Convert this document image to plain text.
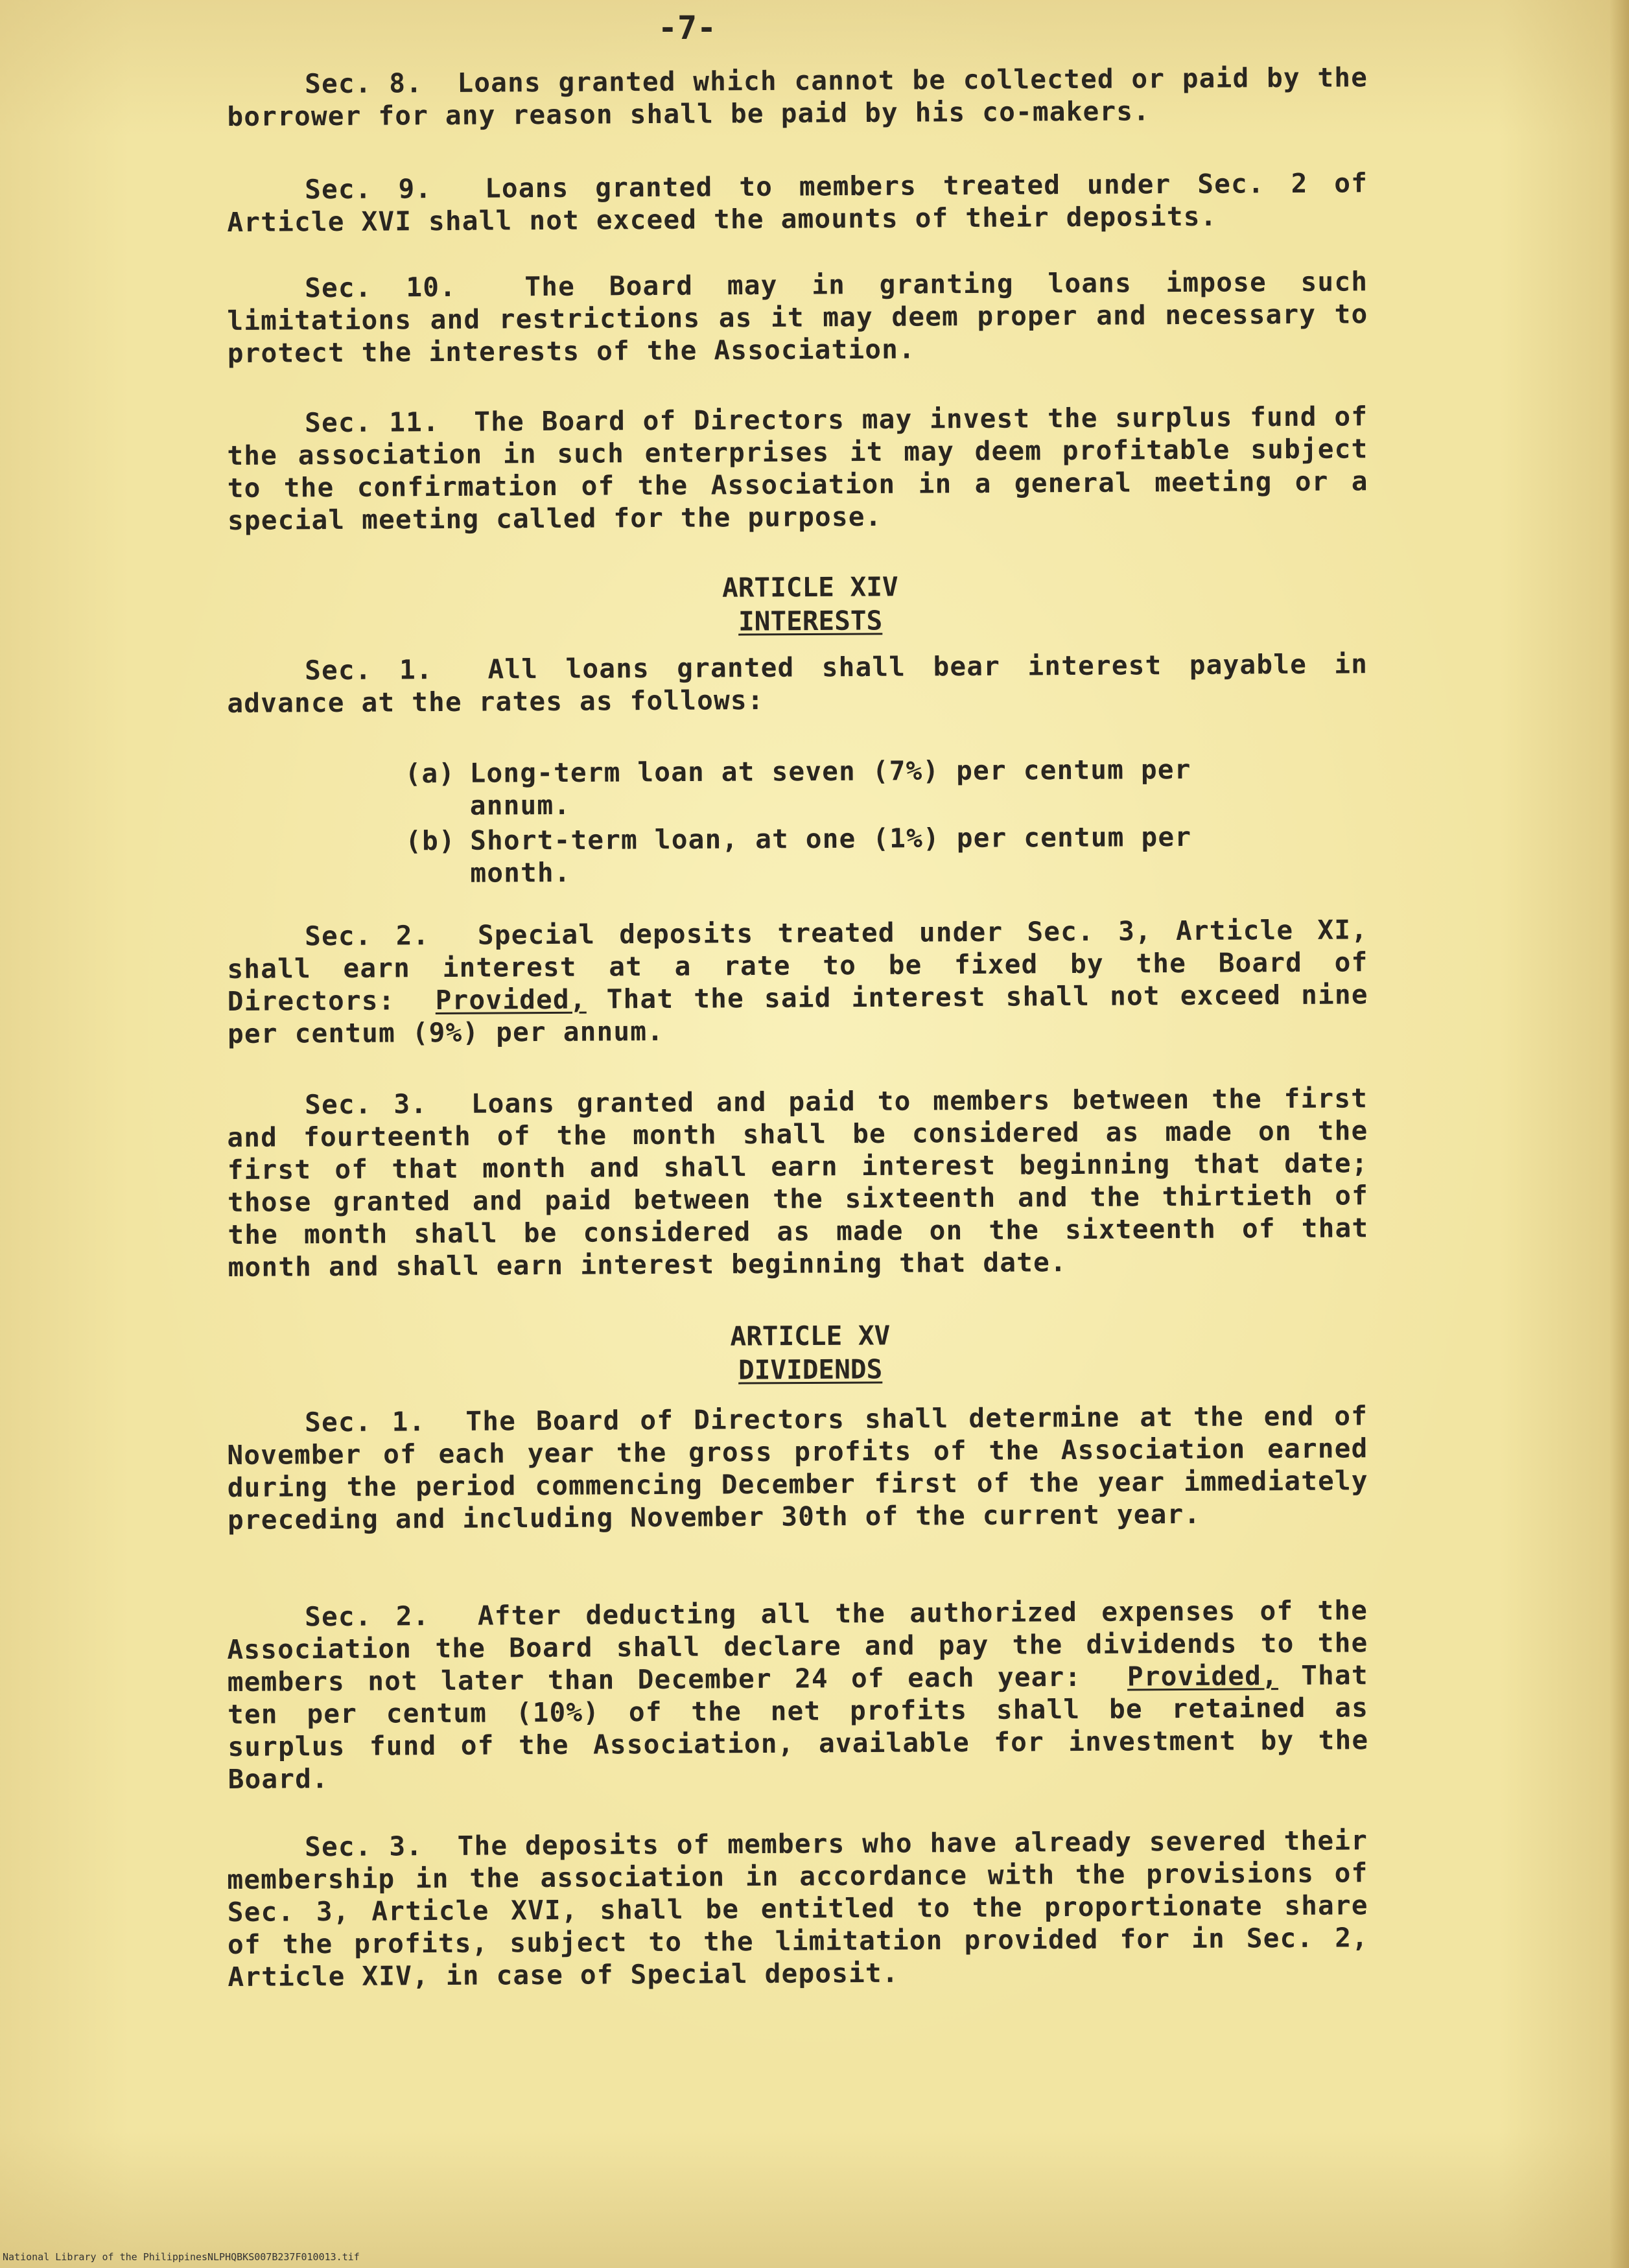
-7-
Sec. 8. Loans granted which cannot be collected or paid by the borrower for any reason shall be paid by his co-makers.
Sec. 9. Loans granted to members treated under Sec. 2 of Article XVI shall not exceed the amounts of their deposits.
Sec. 10.	The Board may in granting loans impose such limitations and restrictions as it may deem proper and necessary to protect the interests of the Association.
Sec. 11. The Board of Directors may invest the surplus fund of the association in such enterprises it may deem profitable subject to the confirmation of the Association in a general meeting or a special meeting called for the purpose.
ARTICLE XIV
INTERESTS
Sec. 1. All loans granted shall bear interest payable in advance at the rates as follows:
(a) Long-term loan at seven (7%) per centum per annum.
(b) Short-term loan, at one (1%) per centum per month.
Sec. 2. Special deposits treated under Sec. 3, Article XI, shall earn interest at a rate to be fixed by the Board of Directors: Provided, That the said interest shall not exceed nine per centum (9%) per annum.
Sec. 3. Loans granted and paid to members between the first and fourteenth of the month shall be considered as made on the first of that month and shall earn interest beginning that date; those granted and paid between the sixteenth and the thirtieth of the month shall be considered as made on the sixteenth of that month and shall earn interest beginning that date.
ARTICLE XV
DIVIDENDS
Sec. 1. The Board of Directors shall determine at the end of November of each year the gross profits of the Association earned during the period commencing December first of the year immediately preceding and including November 30th of the current year.
Sec. 2. After deducting all the authorized expenses of the Association the Board shall declare and pay the dividends to the members not later than December 24 of each year: Provided, That ten per centum (10%) of the net profits shall be retained as surplus fund of the Association, available for investment by the Board.
Sec. 3. The deposits of members who have already severed their membership in the association in accordance with the provisions of Sec. 3, Article XVI, shall be entitled to the proportionate share of the profits, subject to the limitation provided for in Sec. 2, Article XIV, in case of Special deposit.
National Library of the Philippines NLPHQBKS007B237F010013.tif
